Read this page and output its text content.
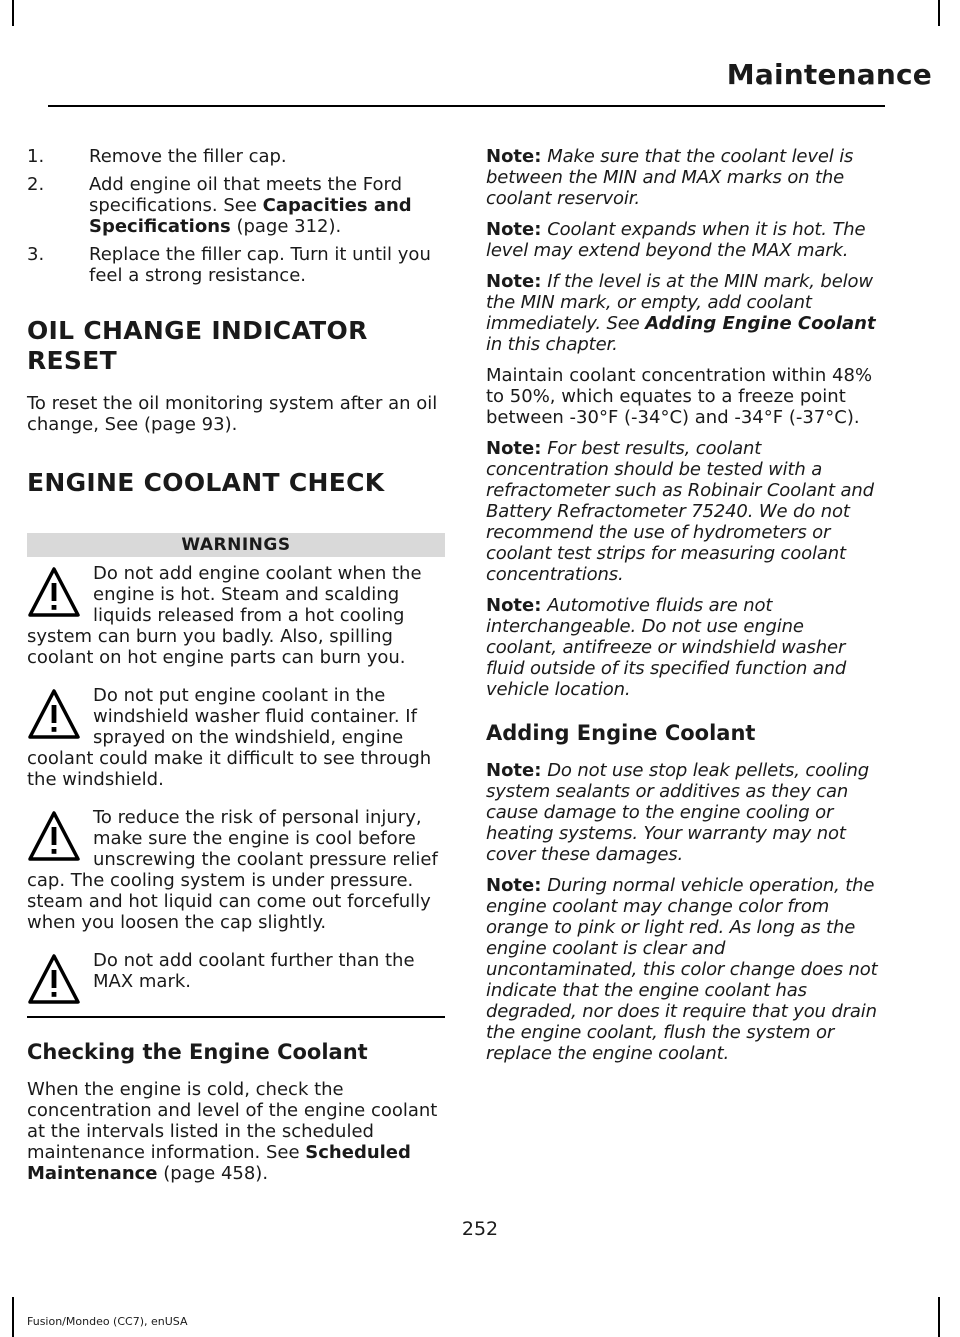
Maintenance
1. Remove the filler cap.
2. Add engine oil that meets the Ford specifications. See Capacities and Specifications (page 312).
3. Replace the filler cap. Turn it until you feel a strong resistance.
OIL CHANGE INDICATOR
RESET

To reset the oil monitoring system after an oil change, See (page 93).

ENGINE COOLANT CHECK
WARNINGS
Do not add engine coolant when the engine is hot. Steam and scalding liquids released from a hot cooling system can burn you badly. Also, spilling coolant on hot engine parts can burn you.
Do not put engine coolant in the windshield washer fluid container. If sprayed on the windshield, engine coolant could make it difficult to see through the windshield.
To reduce the risk of personal injury, make sure the engine is cool before unscrewing the coolant pressure relief cap. The cooling system is under pressure. steam and hot liquid can come out forcefully when you loosen the cap slightly.
Do not add coolant further than the MAX mark.
Checking the Engine Coolant

When the engine is cold, check the concentration and level of the engine coolant at the intervals listed in the scheduled maintenance information. See Scheduled Maintenance (page 458).

Note: Make sure that the coolant level is between the MIN and MAX marks on the coolant reservoir.

Note: Coolant expands when it is hot. The level may extend beyond the MAX mark.

Note: If the level is at the MIN mark, below the MIN mark, or empty, add coolant immediately. See Adding Engine Coolant in this chapter.

Maintain coolant concentration within 48% to 50%, which equates to a freeze point between -30°F (-34°C) and -34°F (-37°C).

Note: For best results, coolant concentration should be tested with a refractometer such as Robinair Coolant and Battery Refractometer 75240. We do not recommend the use of hydrometers or coolant test strips for measuring coolant concentrations.

Note: Automotive fluids are not interchangeable. Do not use engine coolant, antifreeze or windshield washer fluid outside of its specified function and vehicle location.

Adding Engine Coolant

Note: Do not use stop leak pellets, cooling system sealants or additives as they can cause damage to the engine cooling or heating systems. Your warranty may not cover these damages.

Note: During normal vehicle operation, the engine coolant may change color from orange to pink or light red. As long as the engine coolant is clear and uncontaminated, this color change does not indicate that the engine coolant has degraded, nor does it require that you drain the engine coolant, flush the system or replace the engine coolant.

252
Fusion/Mondeo (CC7), enUSA
